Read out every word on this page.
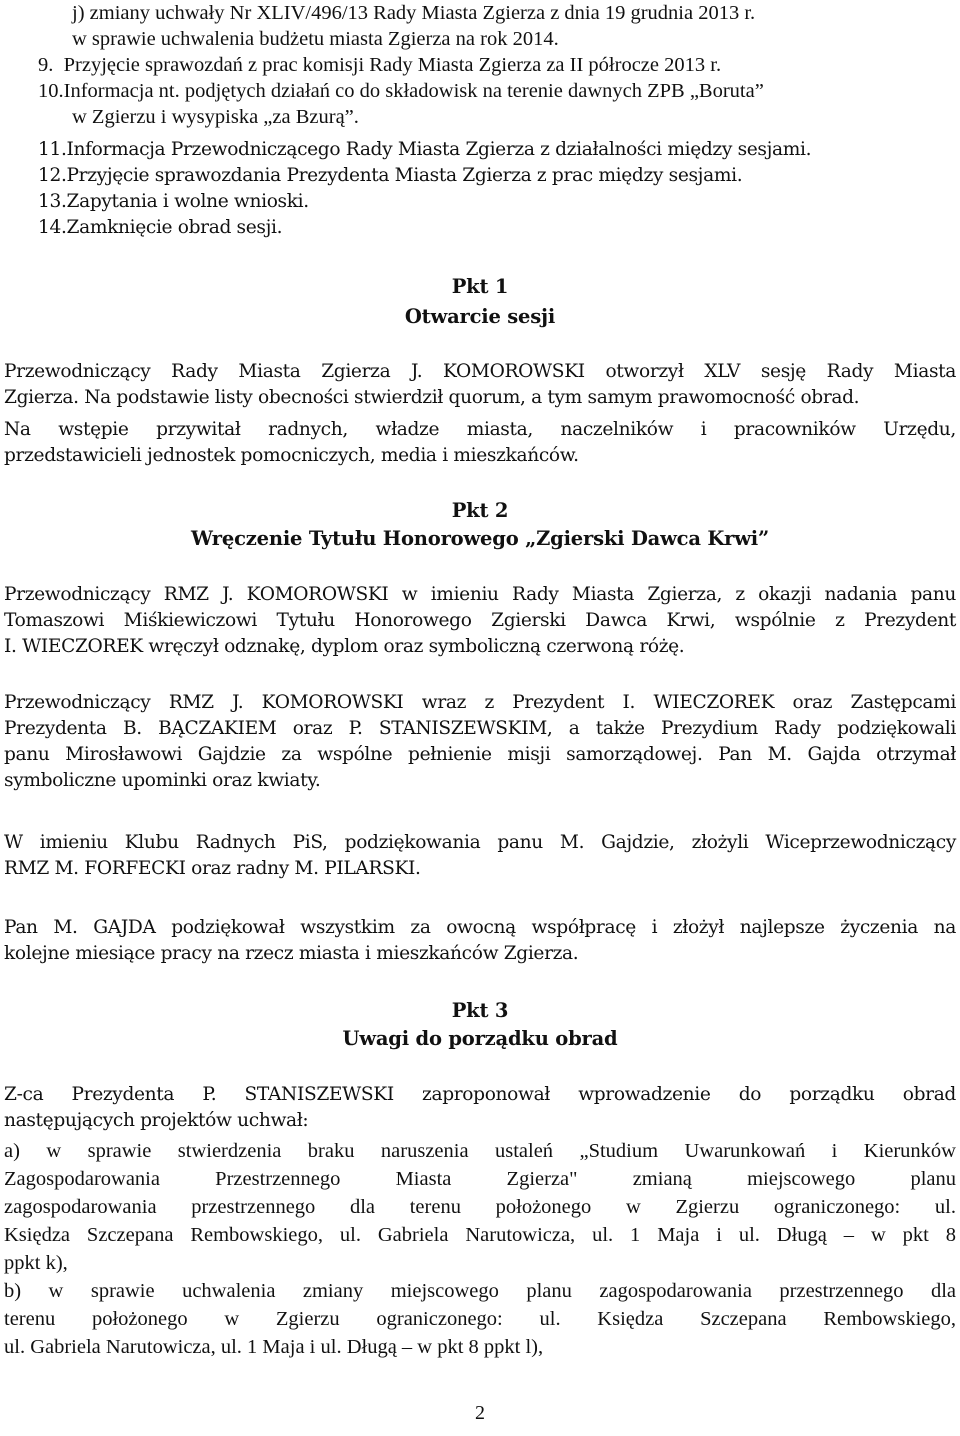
j) zmiany uchwały Nr XLIV/496/13 Rady Miasta Zgierza z dnia 19 grudnia 2013 r.
w sprawie uchwalenia budżetu miasta Zgierza na rok 2014.
9.  Przyjęcie sprawozdań z prac komisji Rady Miasta Zgierza za II półrocze 2013 r.
10.Informacja nt. podjętych działań co do składowisk na terenie dawnych ZPB „Boruta”
w Zgierzu i wysypiska „za Bzurą”.
11.Informacja Przewodniczącego Rady Miasta Zgierza z działalności między sesjami.
12.Przyjęcie sprawozdania Prezydenta Miasta Zgierza z prac między sesjami.
13.Zapytania i wolne wnioski.
14.Zamknięcie obrad sesji.
Pkt 1
Otwarcie sesji
Przewodniczący Rady Miasta Zgierza J. KOMOROWSKI otworzył XLV sesję Rady Miasta
Zgierza. Na podstawie listy obecności stwierdził quorum, a tym samym prawomocność obrad.
Na wstępie przywitał radnych, władze miasta, naczelników i pracowników Urzędu,
przedstawicieli jednostek pomocniczych, media i mieszkańców.
Pkt 2
Wręczenie Tytułu Honorowego „Zgierski Dawca Krwi”
Przewodniczący RMZ J. KOMOROWSKI w imieniu Rady Miasta Zgierza, z okazji nadania panu
Tomaszowi Miśkiewiczowi Tytułu Honorowego Zgierski Dawca Krwi, wspólnie z Prezydent
I. WIECZOREK wręczył odznakę, dyplom oraz symboliczną czerwoną różę.
Przewodniczący RMZ J. KOMOROWSKI wraz z Prezydent I. WIECZOREK oraz Zastępcami
Prezydenta B. BĄCZAKIEM oraz P. STANISZEWSKIM, a także Prezydium Rady podziękowali
panu Mirosławowi Gajdzie za wspólne pełnienie misji samorządowej. Pan M. Gajda otrzymał
symboliczne upominki oraz kwiaty.
W imieniu Klubu Radnych PiS, podziękowania panu M. Gajdzie, złożyli Wiceprzewodniczący
RMZ M. FORFECKI oraz radny M. PILARSKI.
Pan M. GAJDA podziękował wszystkim za owocną współpracę i złożył najlepsze życzenia na
kolejne miesiące pracy na rzecz miasta i mieszkańców Zgierza.
Pkt 3
Uwagi do porządku obrad
Z-ca Prezydenta P. STANISZEWSKI zaproponował wprowadzenie do porządku obrad
następujących projektów uchwał:
a) w sprawie stwierdzenia braku naruszenia ustaleń „Studium Uwarunkowań i Kierunków
Zagospodarowania Przestrzennego Miasta Zgierza" zmianą miejscowego planu
zagospodarowania przestrzennego dla terenu położonego w Zgierzu ograniczonego: ul.
Księdza Szczepana Rembowskiego, ul. Gabriela Narutowicza, ul. 1 Maja i ul. Długą – w pkt 8
ppkt k),
b) w sprawie uchwalenia zmiany miejscowego planu zagospodarowania przestrzennego dla
terenu położonego w Zgierzu ograniczonego: ul. Księdza Szczepana Rembowskiego,
ul. Gabriela Narutowicza, ul. 1 Maja i ul. Długą – w pkt 8 ppkt l),
2
